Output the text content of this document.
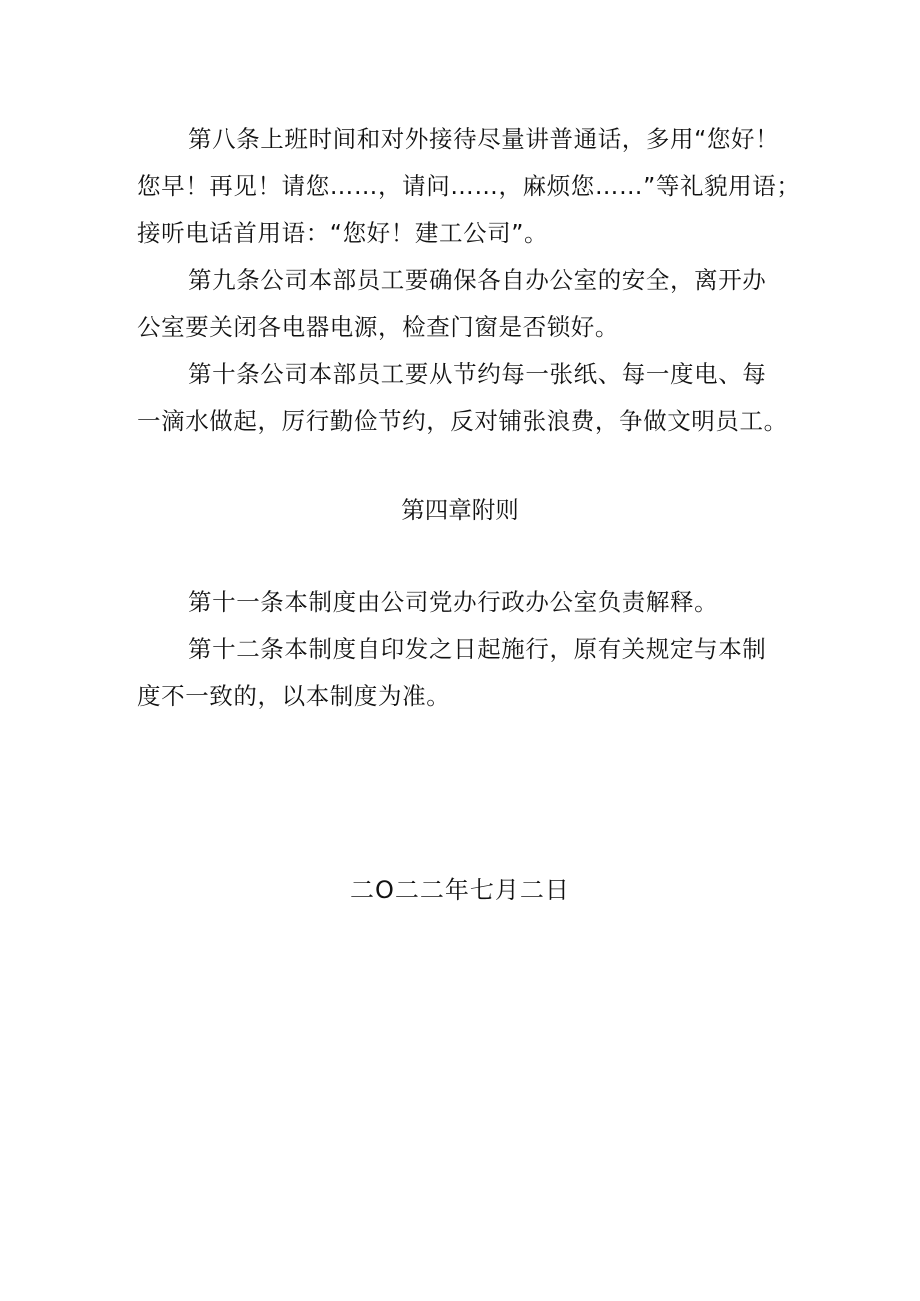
第八条上班时间和对外接待尽量讲普通话，多用“您好！

您早！再见！请您……，请问……，麻烦您……”等礼貌用语；

接听电话首用语：“您好！建工公司”。

第九条公司本部员工要确保各自办公室的安全，离开办

公室要关闭各电器电源，检查门窗是否锁好。

第十条公司本部员工要从节约每一张纸、每一度电、每

一滴水做起，厉行勤俭节约，反对铺张浪费，争做文明员工。

第四章附则

第十一条本制度由公司党办行政办公室负责解释。

第十二条本制度自印发之日起施行，原有关规定与本制

度不一致的，以本制度为准。

二O二二年七月二日
